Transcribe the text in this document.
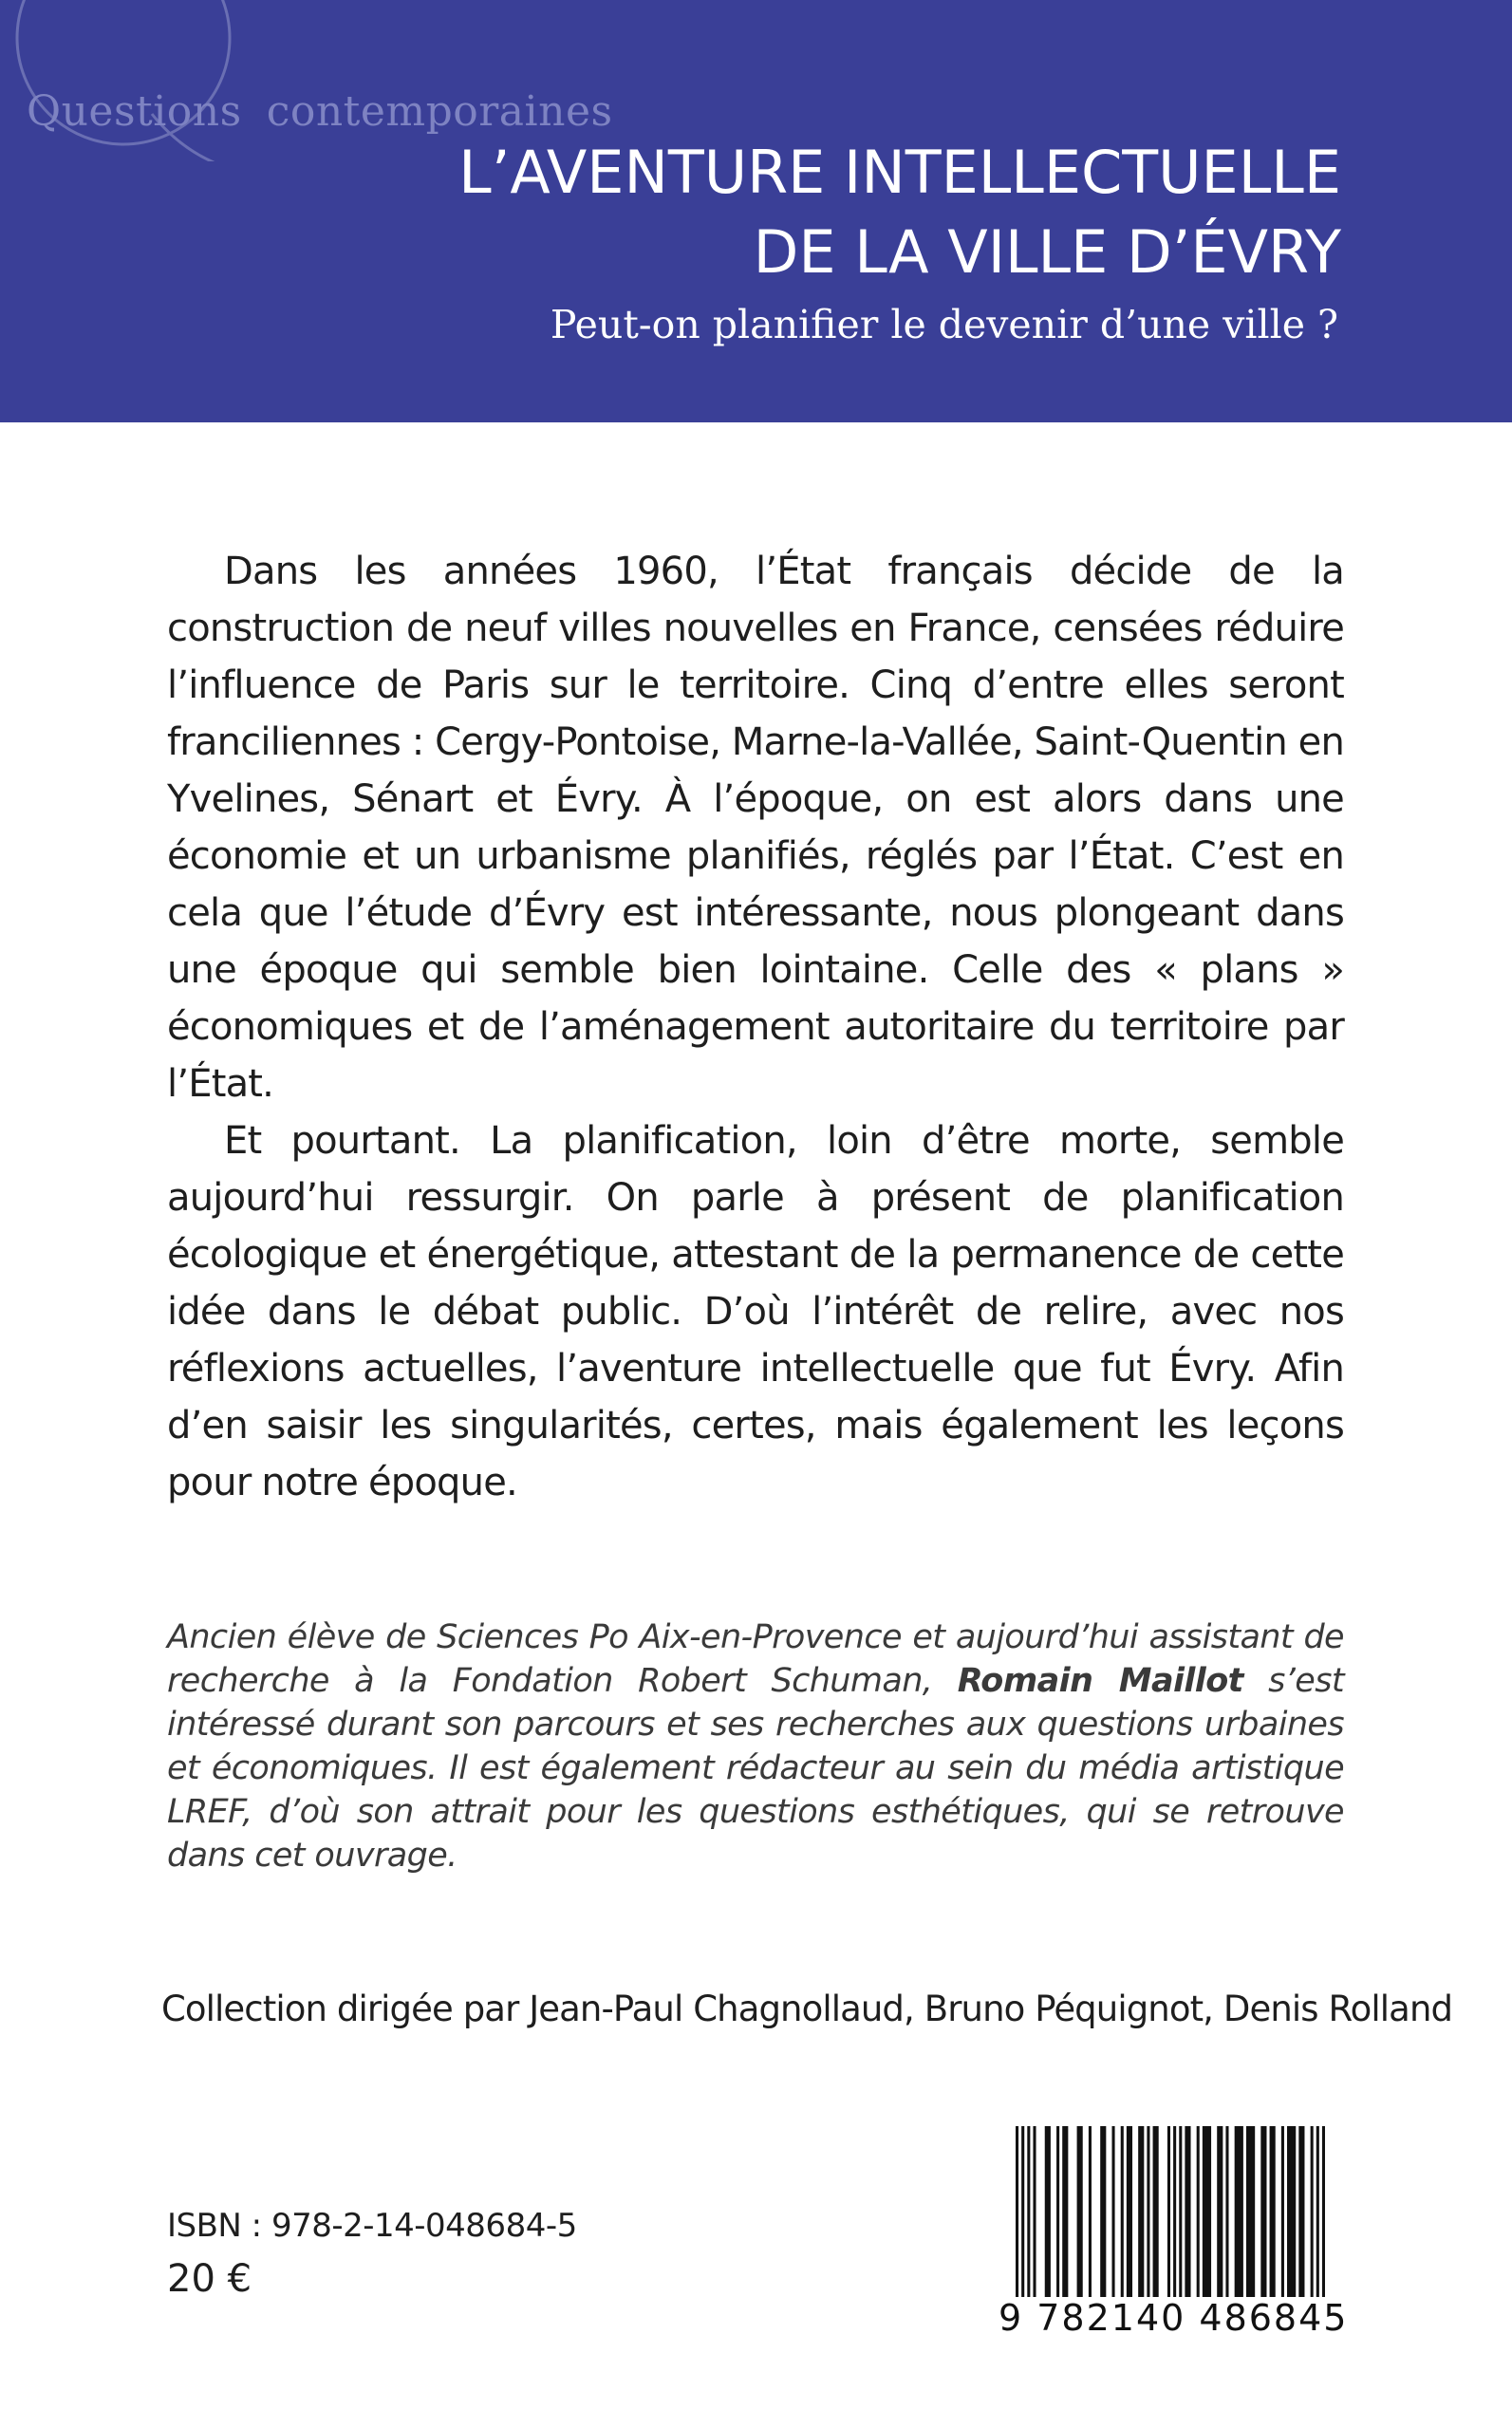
Questions contemporaines
L’AVENTURE INTELLECTUELLE
DE LA VILLE D’ÉVRY
Peut-on planifier le devenir d’une ville ?

Dans les années 1960, l’État français décide de la construction de neuf villes nouvelles en France, censées réduire l’influence de Paris sur le territoire. Cinq d’entre elles seront franciliennes : Cergy-Pontoise, Marne-la-Vallée, Saint-Quentin en Yvelines, Sénart et Évry. À l’époque, on est alors dans une économie et un urbanisme planifiés, réglés par l’État. C’est en cela que l’étude d’Évry est intéressante, nous plongeant dans une époque qui semble bien lointaine. Celle des « plans » économiques et de l’aménagement autoritaire du territoire par l’État.

Et pourtant. La planification, loin d’être morte, semble aujourd’hui ressurgir. On parle à présent de planification écologique et énergétique, attestant de la permanence de cette idée dans le débat public. D’où l’intérêt de relire, avec nos réflexions actuelles, l’aventure intellectuelle que fut Évry. Afin d’en saisir les singularités, certes, mais également les leçons pour notre époque.

Ancien élève de Sciences Po Aix-en-Provence et aujourd’hui assistant de recherche à la Fondation Robert Schuman, Romain Maillot s’est intéressé durant son parcours et ses recherches aux questions urbaines et économiques. Il est également rédacteur au sein du média artistique LREF, d’où son attrait pour les questions esthétiques, qui se retrouve dans cet ouvrage.

Collection dirigée par Jean-Paul Chagnollaud, Bruno Péquignot, Denis Rolland
ISBN : 978-2-14-048684-5
20 €
9 782140 486845
